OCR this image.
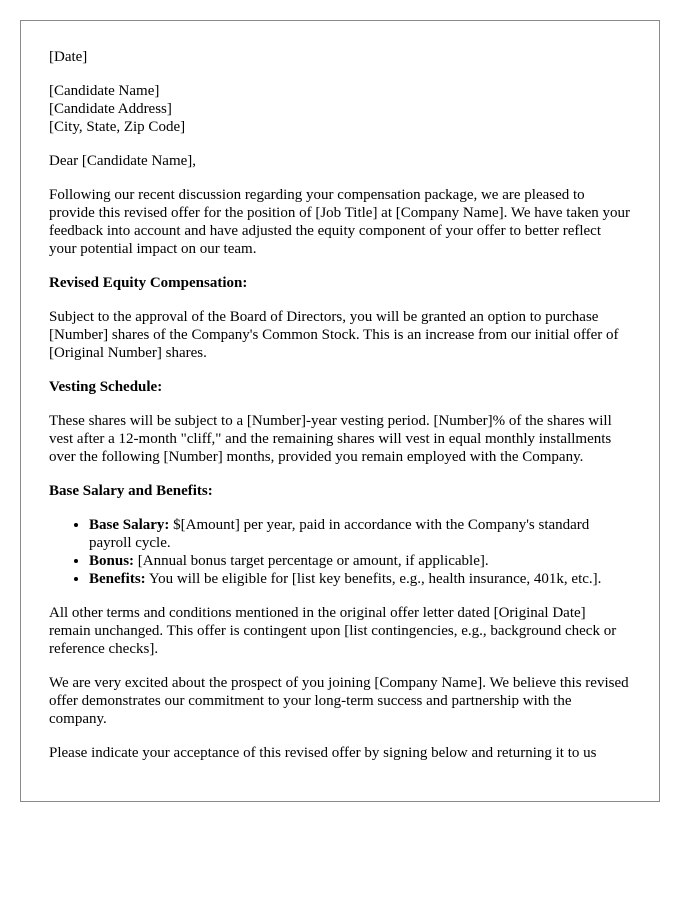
[Date]

[Candidate Name]
[Candidate Address]
[City, State, Zip Code]

Dear [Candidate Name],

Following our recent discussion regarding your compensation package, we are pleased to provide this revised offer for the position of [Job Title] at [Company Name]. We have taken your feedback into account and have adjusted the equity component of your offer to better reflect your potential impact on our team.

Revised Equity Compensation:

Subject to the approval of the Board of Directors, you will be granted an option to purchase [Number] shares of the Company's Common Stock. This is an increase from our initial offer of [Original Number] shares.

Vesting Schedule:

These shares will be subject to a [Number]-year vesting period. [Number]% of the shares will vest after a 12-month "cliff," and the remaining shares will vest in equal monthly installments over the following [Number] months, provided you remain employed with the Company.

Base Salary and Benefits:

• Base Salary: $[Amount] per year, paid in accordance with the Company's standard payroll cycle.
• Bonus: [Annual bonus target percentage or amount, if applicable].
• Benefits: You will be eligible for [list key benefits, e.g., health insurance, 401k, etc.].

All other terms and conditions mentioned in the original offer letter dated [Original Date] remain unchanged. This offer is contingent upon [list contingencies, e.g., background check or reference checks].

We are very excited about the prospect of you joining [Company Name]. We believe this revised offer demonstrates our commitment to your long-term success and partnership with the company.

Please indicate your acceptance of this revised offer by signing below and returning it to us
